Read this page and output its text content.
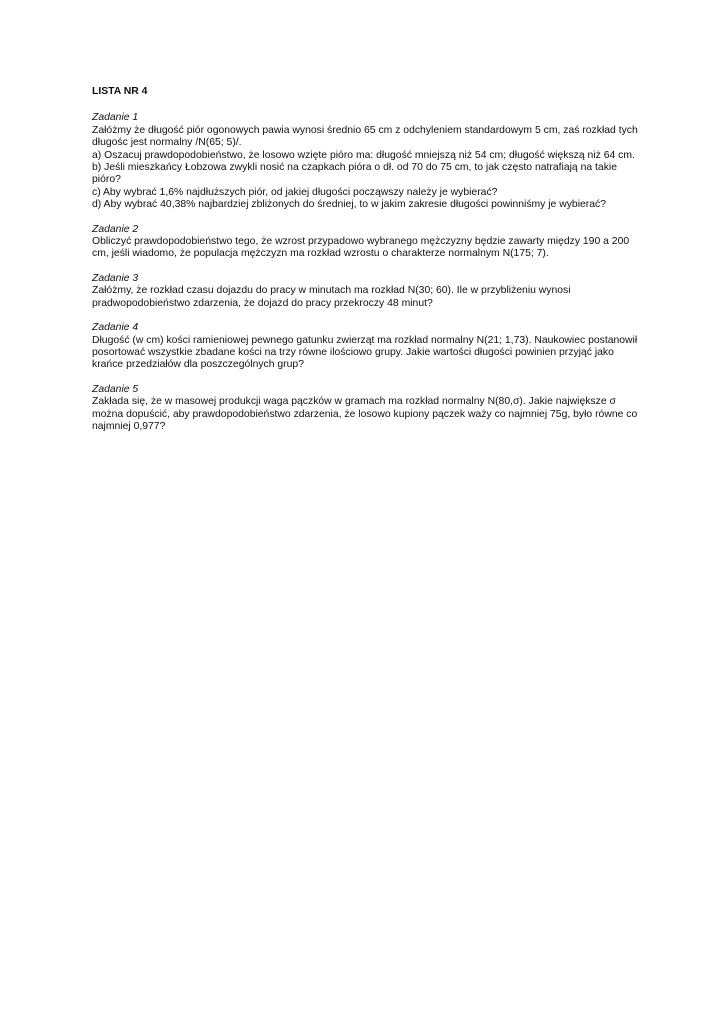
LISTA NR 4

Zadanie 1

Załóżmy że długość piór ogonowych pawia wynosi średnio 65 cm z odchyleniem standardowym 5 cm, zaś rozkład tych długośc jest normalny /N(65; 5)/.

a) Oszacuj prawdopodobieństwo, że losowo wzięte pióro ma: długość mniejszą niż 54 cm; długość większą niż 64 cm.

b) Jeśli mieszkańcy Łobzowa zwykli nosić na czapkach pióra o dł. od 70 do 75 cm, to jak często natrafiają na takie pióro?

c) Aby wybrać 1,6% najdłuższych piór, od jakiej długości począwszy należy je wybierać?

d) Aby wybrać 40,38% najbardziej zbliżonych do średniej, to w jakim zakresie długości powinniśmy je wybierać?

Zadanie 2

Obliczyć prawdopodobieństwo tego, że wzrost przypadowo wybranego mężczyzny będzie zawarty między 190 a 200 cm, jeśli wiadomo, że populacja mężczyzn ma rozkład wzrostu o charakterze normalnym N(175; 7).

Zadanie 3

Załóżmy, że rozkład czasu dojazdu do pracy w minutach ma rozkład N(30; 60). Ile w przybliżeniu wynosi pradwopodobieństwo zdarzenia, że dojazd do pracy przekroczy 48 minut?

Zadanie 4

Długość (w cm) kości ramieniowej pewnego gatunku zwierząt ma rozkład normalny N(21; 1,73). Naukowiec postanowił posortować wszystkie zbadane kości na trzy równe ilościowo grupy. Jakie wartości długości powinien przyjąć jako krańce przedziałów dla poszczególnych grup?

Zadanie 5

Zakłada się, że w masowej produkcji waga pączków w gramach ma rozkład normalny N(80,σ). Jakie największe σ można dopuścić, aby prawdopodobieństwo zdarzenia, że losowo kupiony pączek waży co najmniej 75g, było równe co najmniej 0,977?
